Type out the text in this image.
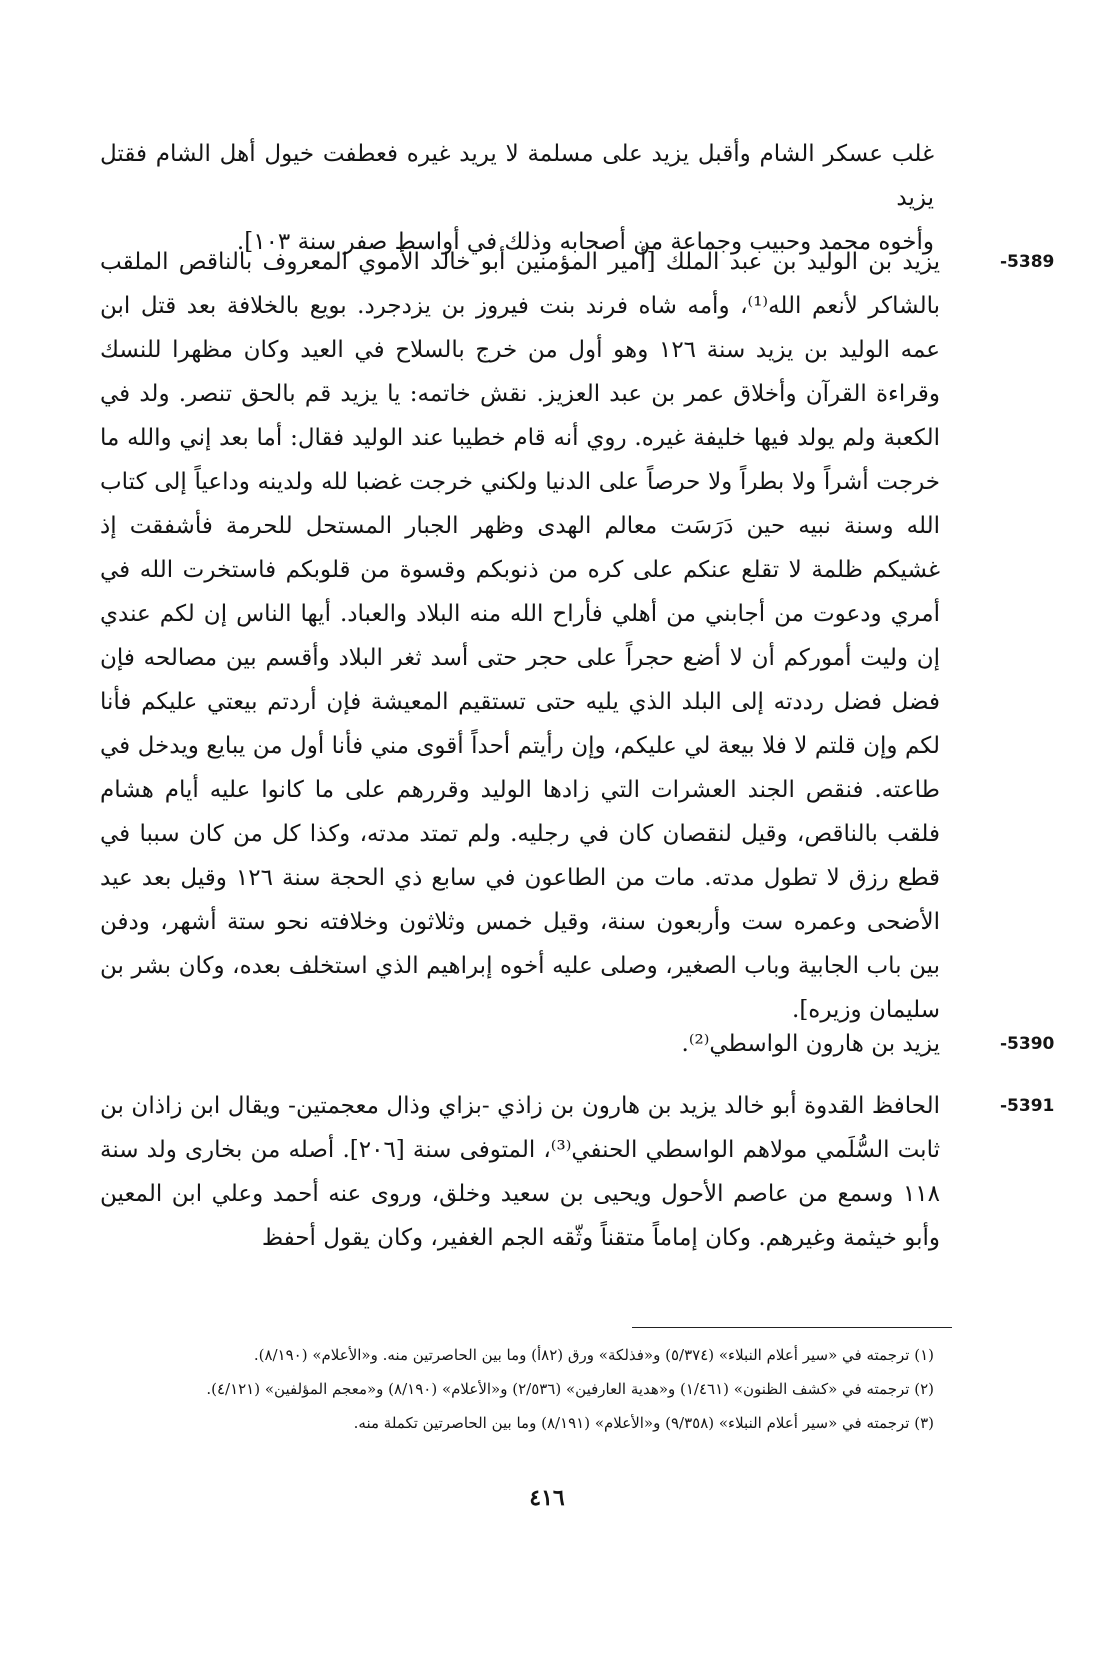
غلب عسكر الشام وأقبل يزيد على مسلمة لا يريد غيره فعطفت خيول أهل الشام فقتل يزيد

وأخوه محمد وحبيب وجماعة من أصحابه وذلك في أواسط صفر سنة ١٠٣].

-5389
يزيد بن الوليد بن عبد الملك [أمير المؤمنين أبو خالد الأموي المعروف بالناقص الملقب بالشاكر لأنعم الله⁽¹⁾، وأمه شاه فرند بنت فيروز بن يزدجرد. بويع بالخلافة بعد قتل ابن عمه الوليد بن يزيد سنة ١٢٦ وهو أول من خرج بالسلاح في العيد وكان مظهرا للنسك وقراءة القرآن وأخلاق عمر بن عبد العزيز. نقش خاتمه: يا يزيد قم بالحق تنصر. ولد في الكعبة ولم يولد فيها خليفة غيره. روي أنه قام خطيبا عند الوليد فقال: أما بعد إني والله ما خرجت أشراً ولا بطراً ولا حرصاً على الدنيا ولكني خرجت غضبا لله ولدينه وداعياً إلى كتاب الله وسنة نبيه حين دَرَسَت معالم الهدى وظهر الجبار المستحل للحرمة فأشفقت إذ غشيكم ظلمة لا تقلع عنكم على كره من ذنوبكم وقسوة من قلوبكم فاستخرت الله في أمري ودعوت من أجابني من أهلي فأراح الله منه البلاد والعباد. أيها الناس إن لكم عندي إن وليت أموركم أن لا أضع حجراً على حجر حتى أسد ثغر البلاد وأقسم بين مصالحه فإن فضل فضل رددته إلى البلد الذي يليه حتى تستقيم المعيشة فإن أردتم بيعتي عليكم فأنا لكم وإن قلتم لا فلا بيعة لي عليكم، وإن رأيتم أحداً أقوى مني فأنا أول من يبايع ويدخل في طاعته. فنقص الجند العشرات التي زادها الوليد وقررهم على ما كانوا عليه أيام هشام فلقب بالناقص، وقيل لنقصان كان في رجليه. ولم تمتد مدته، وكذا كل من كان سببا في قطع رزق لا تطول مدته. مات من الطاعون في سابع ذي الحجة سنة ١٢٦ وقيل بعد عيد الأضحى وعمره ست وأربعون سنة، وقيل خمس وثلاثون وخلافته نحو ستة أشهر، ودفن بين باب الجابية وباب الصغير، وصلى عليه أخوه إبراهيم الذي استخلف بعده، وكان بشر بن سليمان وزيره].
-5390
يزيد بن هارون الواسطي⁽²⁾.
-5391
الحافظ القدوة أبو خالد يزيد بن هارون بن زاذي -بزاي وذال معجمتين- ويقال ابن زاذان بن ثابت السُّلَمي مولاهم الواسطي الحنفي⁽³⁾، المتوفى سنة [٢٠٦]. أصله من بخاری ولد سنة ١١٨ وسمع من عاصم الأحول ويحيى بن سعيد وخلق، وروى عنه أحمد وعلي ابن المعين وأبو خيثمة وغيرهم. وكان إماماً متقناً وثّقه الجم الغفير، وكان يقول أحفظ

(١) ترجمته في «سير أعلام النبلاء» (٥/٣٧٤) و«فذلكة» ورق (٨٢أ) وما بين الحاصرتين منه. و«الأعلام» (٨/١٩٠).

(٢) ترجمته في «كشف الظنون» (١/٤٦١) و«هدية العارفين» (٢/٥٣٦) و«الأعلام» (٨/١٩٠) و«معجم المؤلفين» (٤/١٢١).

(٣) ترجمته في «سير أعلام النبلاء» (٩/٣٥٨) و«الأعلام» (٨/١٩١) وما بين الحاصرتين تكملة منه.

٤١٦
